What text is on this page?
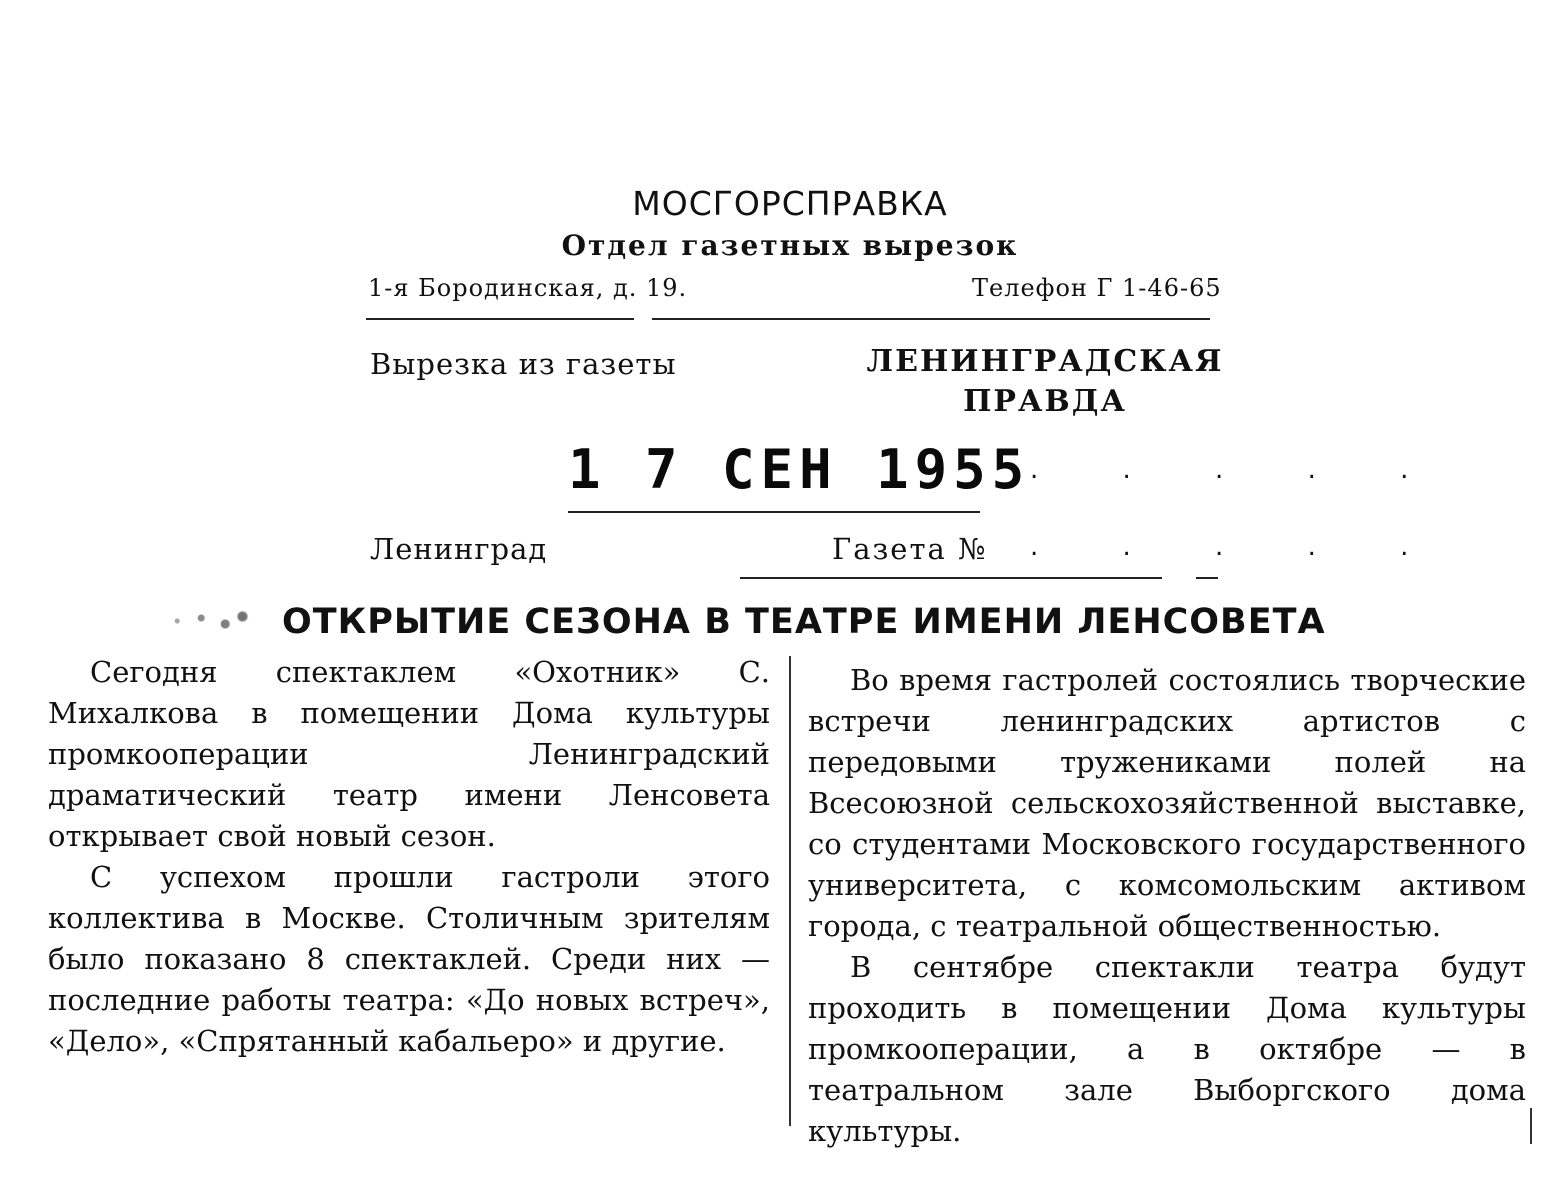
МОСГОРСПРАВКА
Отдел газетных вырезок
1-я Бородинская, д. 19.	Телефон Г 1-46-65
Вырезка из газеты	ЛЕНИНГРАДСКАЯ
ПРАВДА
1 7 СЕН 1955 . . . . .
Ленинград	Газета № . . . . .
ОТКРЫТИЕ СЕЗОНА В ТЕАТРЕ ИМЕНИ ЛЕНСОВЕТА

Сегодня спектаклем «Охотник» С. Михалкова в помещении Дома культуры промкооперации Ленинградский драматический театр имени Ленсовета открывает свой новый сезон.

С успехом прошли гастроли этого коллектива в Москве. Столичным зрителям было показано 8 спектаклей. Среди них — последние работы театра: «До новых встреч», «Дело», «Спрятанный кабальеро» и другие.

Во время гастролей состоялись творческие встречи ленинградских артистов с передовыми тружениками полей на Всесоюзной сельскохозяйственной выставке, со студентами Московского государственного университета, с комсомольским активом города, с театральной общественностью.

В сентябре спектакли театра будут проходить в помещении Дома культуры промкооперации, а в октябре — в театральном зале Выборгского дома культуры.
